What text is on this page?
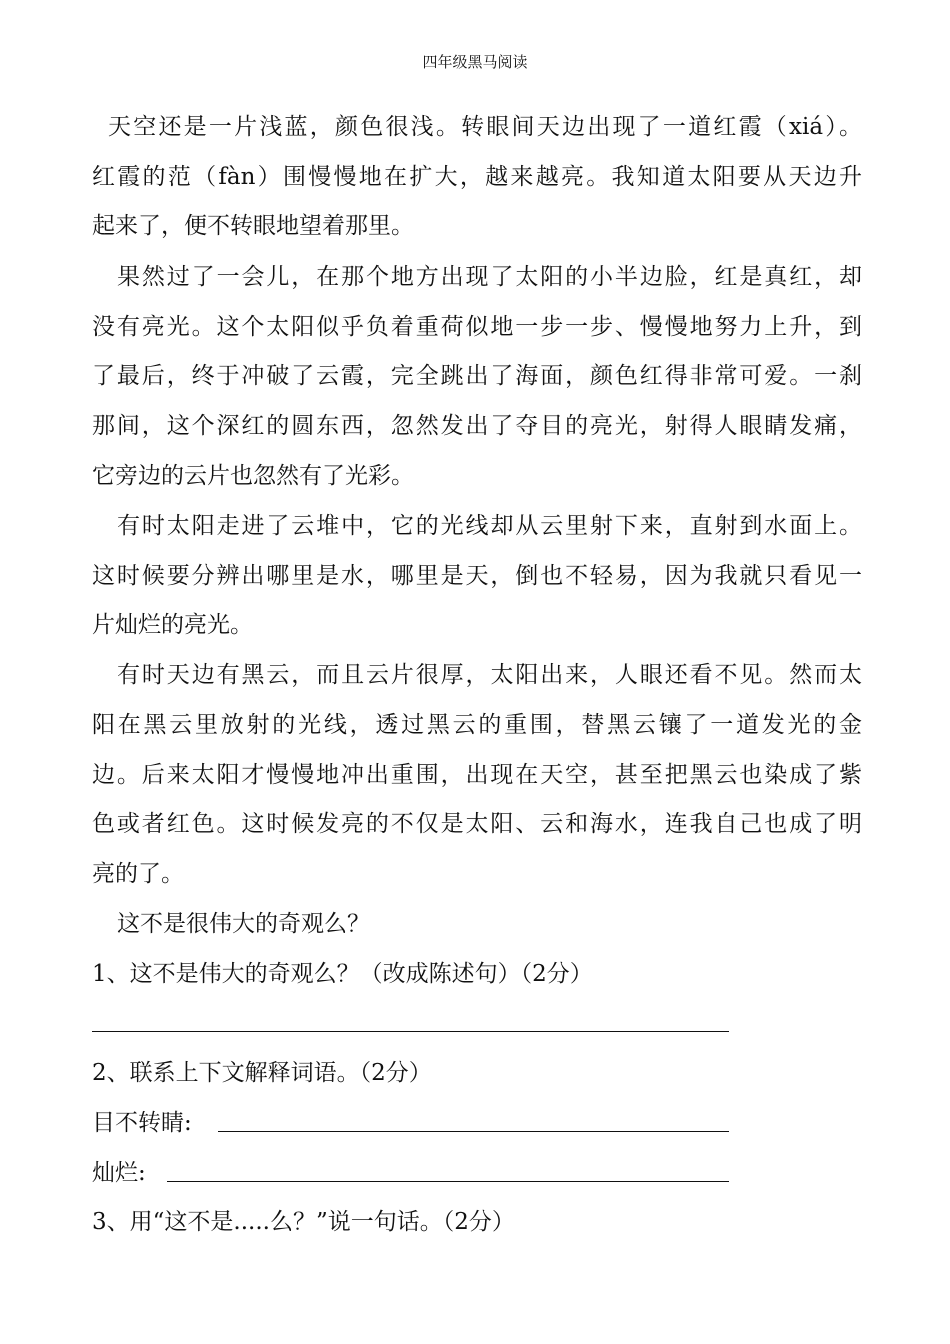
四年级黑马阅读
天空还是一片浅蓝，颜色很浅。转眼间天边出现了一道红霞（xiá）。
红霞的范（fàn）围慢慢地在扩大，越来越亮。我知道太阳要从天边升
起来了，便不转眼地望着那里。
果然过了一会儿，在那个地方出现了太阳的小半边脸，红是真红，却
没有亮光。这个太阳似乎负着重荷似地一步一步、慢慢地努力上升，到
了最后，终于冲破了云霞，完全跳出了海面，颜色红得非常可爱。一刹
那间，这个深红的圆东西，忽然发出了夺目的亮光，射得人眼睛发痛，
它旁边的云片也忽然有了光彩。
有时太阳走进了云堆中，它的光线却从云里射下来，直射到水面上。
这时候要分辨出哪里是水，哪里是天，倒也不轻易，因为我就只看见一
片灿烂的亮光。
有时天边有黑云，而且云片很厚，太阳出来，人眼还看不见。然而太
阳在黑云里放射的光线，透过黑云的重围，替黑云镶了一道发光的金
边。后来太阳才慢慢地冲出重围，出现在天空，甚至把黑云也染成了紫
色或者红色。这时候发亮的不仅是太阳、云和海水，连我自己也成了明
亮的了。
这不是很伟大的奇观么？
1、这不是伟大的奇观么？（改成陈述句）（2分）
2、联系上下文解释词语。（2分）
目不转睛:
灿烂:
3、用“这不是.....么？”说一句话。（2分）
